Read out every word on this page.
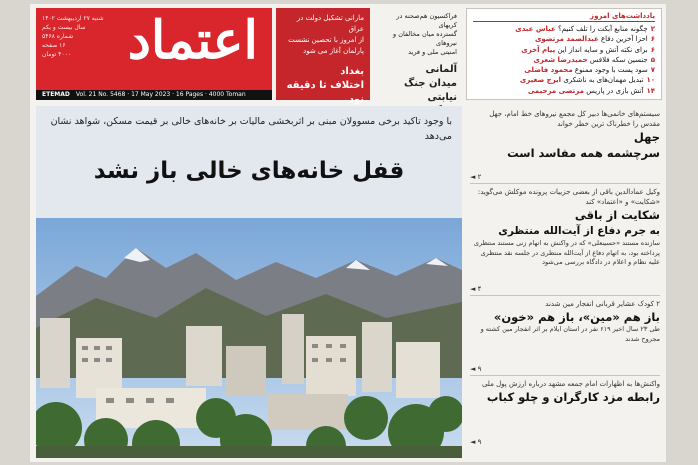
اعتماد
شنبه ۲۷ اردیبهشت ۱۴۰۲
سال بیست و یکم
شماره ۵۴۶۸
۱۶ صفحه
۴۰۰۰ تومان
ETEMAD Vol. 21 No. 5468 · 17 May 2023 · 16 Pages · 4000 Toman
مارانی تشکیل دولت در عراق
از امروز با تحصین نشست
پارلمان آغاز می شود
بغداد
اختلاف تا دقیقه نود
فراکسیون هم‌صحنه در کریهای
گسترده میان مخالفان و نیروهای
امنیتی ملی و فرید
آلمانی
میدان جنگ نیابتی
یادداشت‌های امروز
۲چگونه منابع آبکت را تلف کنیم؟ عباس عبدی
۶احزا آخرین دفاع عبدالصمد مرتضوی
۶برای نکته آتش و سایه انداز این پیام آخری
۵جنسین سکه فلافس حمیدرضا شعری
۷سود پست با وجود ممنوع محمود فاضلی
۱۰تبدیل مهمان‌های به ناشکری ایرج صغیری
۱۴آتش بازی در پاریس مرتضی مرحیمی
با وجود تاکید برخی مسوولان مبنی بر اثربخشی مالیات بر خانه‌های خالی بر قیمت مسکن، شواهد نشان می‌دهد
قفل خانه‌های خالی باز نشد
سیستم‌های خانمی‌ها دبیر کل مجمع نیروهای خط امام، جهل مقدس را خطرناک ترین خطر خواند
جهل
سرچشمه همه مفاسد است
۲ ◄
وکیل عمادالدین باقی از بعضی جزییات پرونده موکلش می‌گوید: «شکایت» و «اعتماد» کند
شکایت از باقی
به جرم دفاع از آیت‌الله منتظری
سازنده مستند «حسینعلی» که در واکنش به اتهام زنی مستند منتظری پرداخته بود، به اتهام دفاع از آیت‌الله منتظری در جلسه نقد منتظری علیه نظام و اعلام در دادگاه بررسی می‌شود
۴ ◄
۲ کودک عشایر قربانی انفجار مین شدند
باز هم «مین»، باز هم «خون»
طی ۲۳ سال اخیر ۶۱۹ نفر در استان ایلام بر اثر انفجار مین کشته و مجروح شدند
۹ ◄
واکنش‌ها به اظهارات امام جمعه مشهد درباره ارزش پول ملی
رابطه مزد کارگران و چلو کباب
۹ ◄
